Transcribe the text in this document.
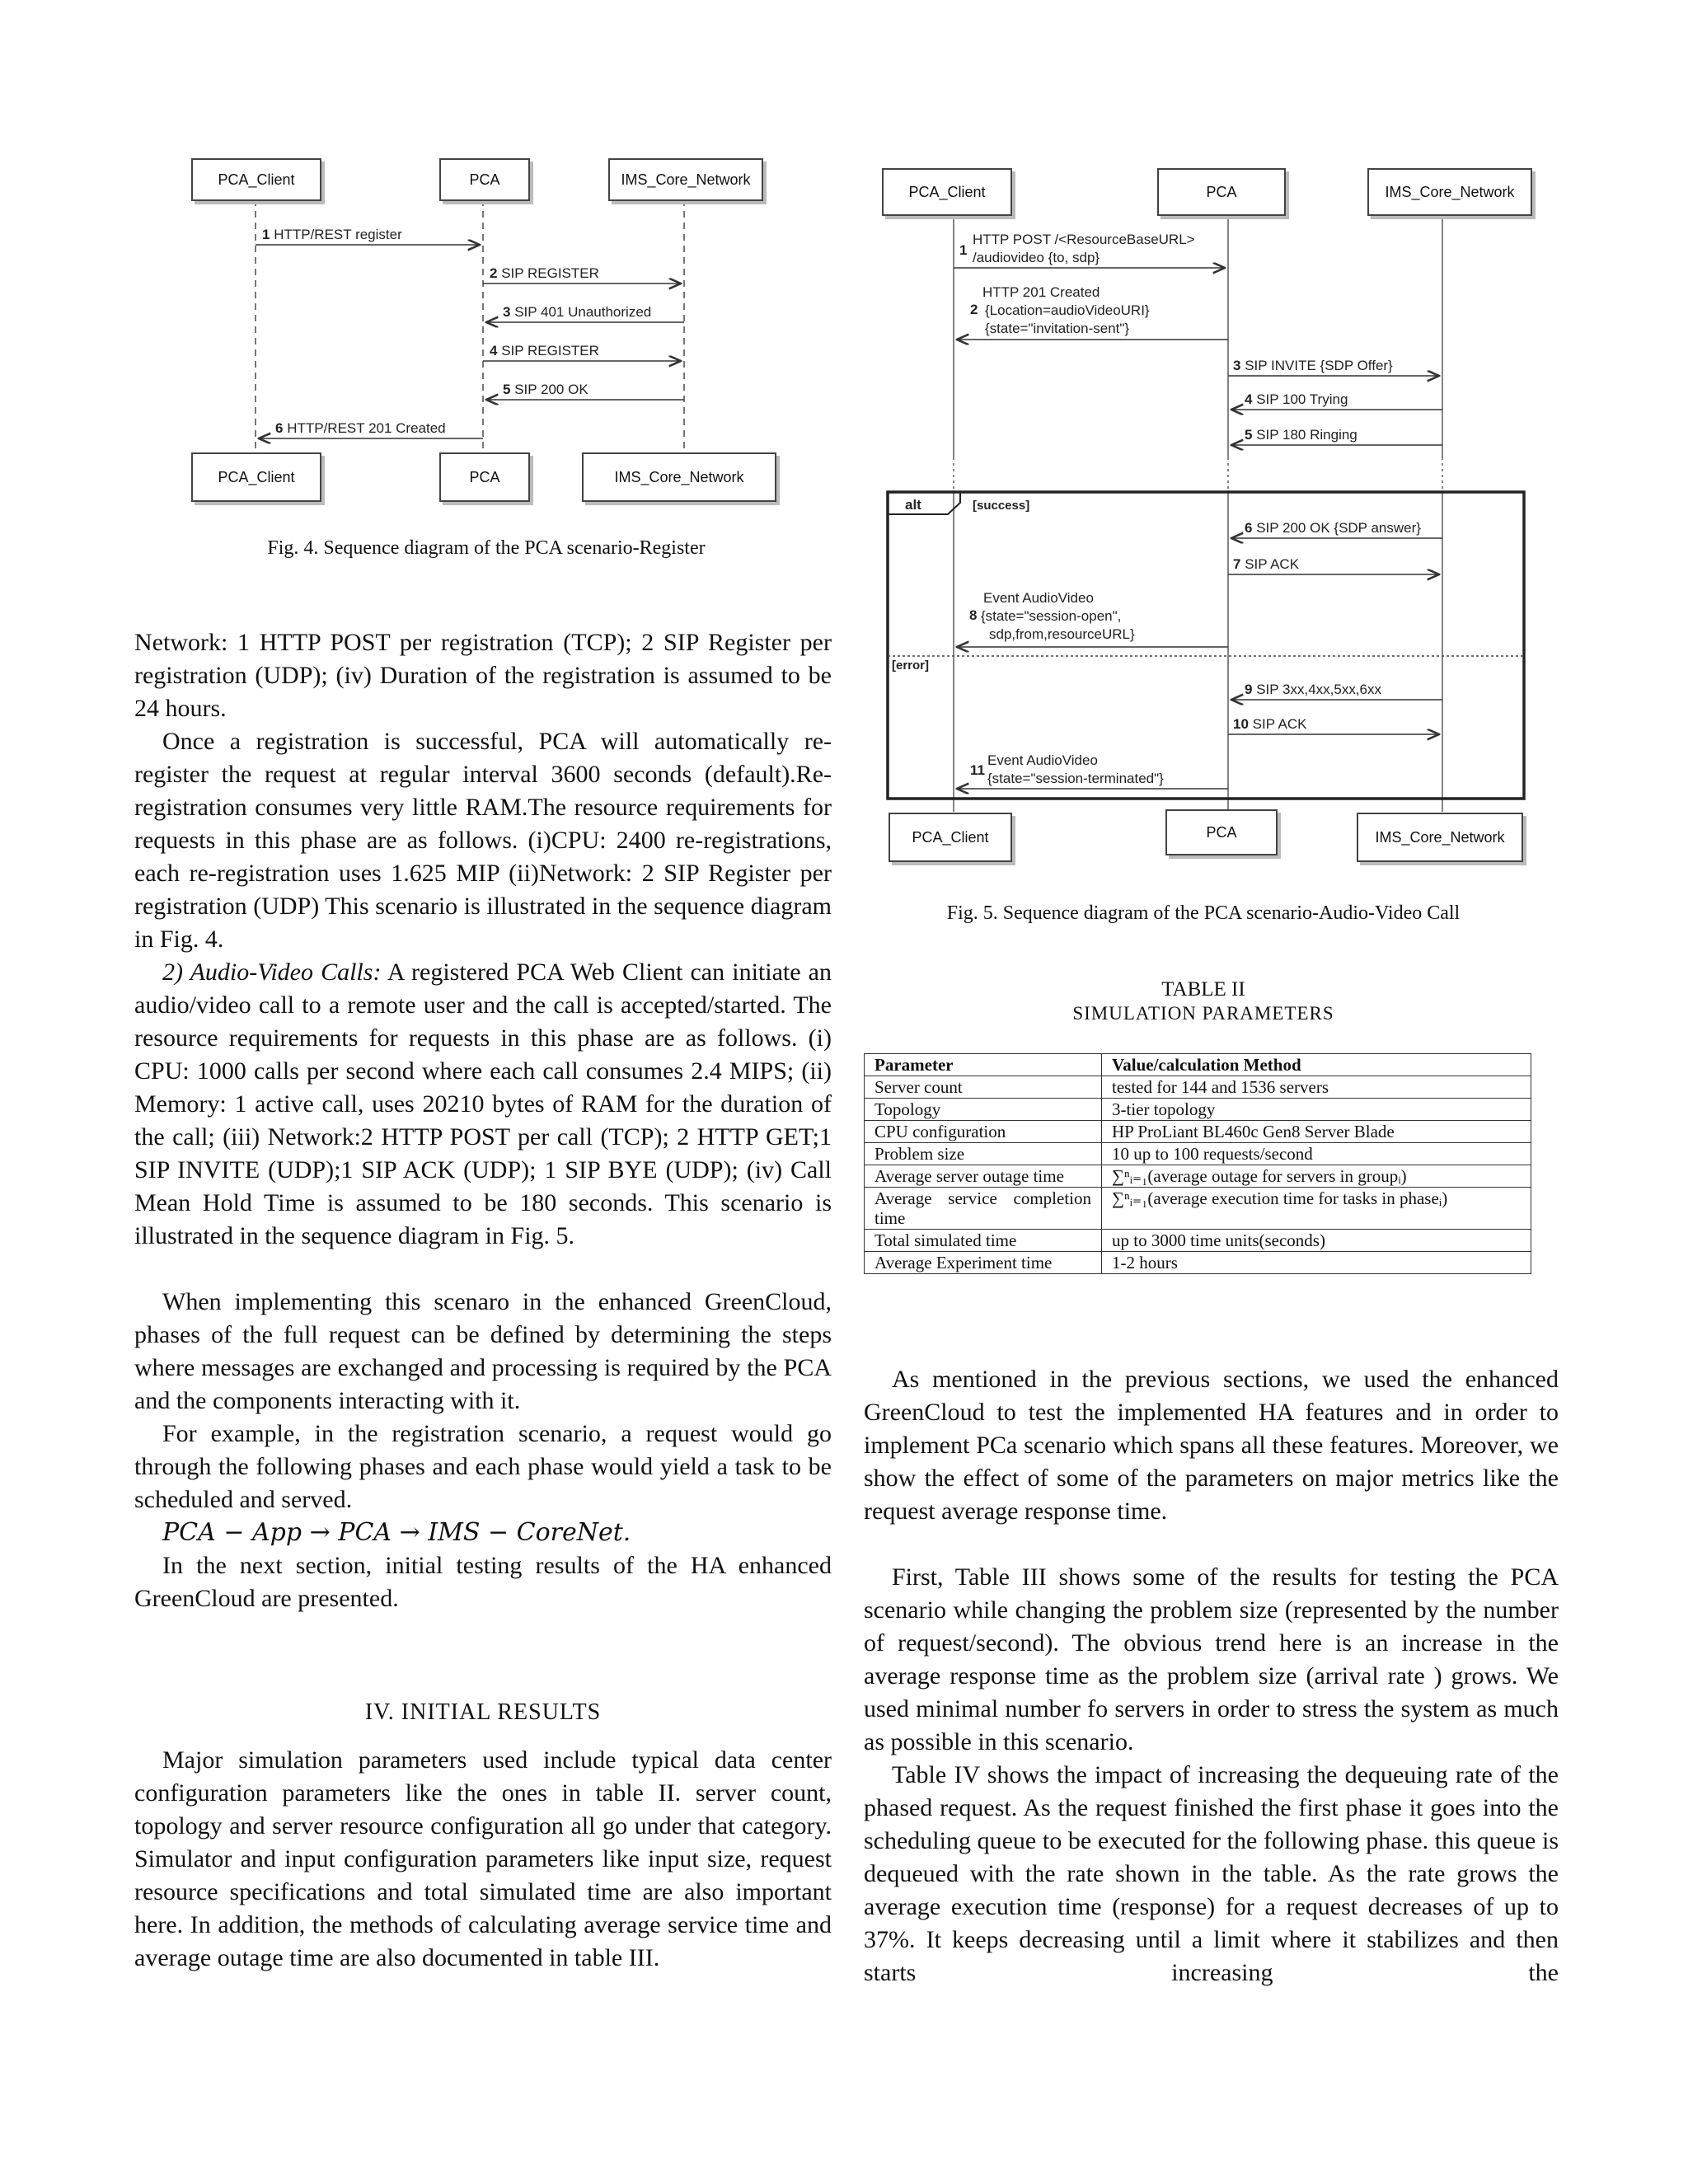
1 HTTP/REST register
2 SIP REGISTER
3 SIP 401 Unauthorized
4 SIP REGISTER
5 SIP 200 OK
6 HTTP/REST 201 Created
PCA_Client	PCA	IMS_Core_Network
PCA_Client	PCA	IMS_Core_Network
Fig. 4. Sequence diagram of the PCA scenario-Register
alt	[success]
[error]
1
HTTP POST /<ResourceBaseURL>
/audiovideo {to, sdp}
2
HTTP 201 Created
{Location=audioVideoURI}
{state="invitation-sent"}
3 SIP INVITE {SDP Offer}
4 SIP 100 Trying
5 SIP 180 Ringing
6 SIP 200 OK {SDP answer}
7 SIP ACK
8
Event AudioVideo
{state="session-open",
sdp,from,resourceURL}
9 SIP 3xx,4xx,5xx,6xx
10 SIP ACK
11
Event AudioVideo
{state="session-terminated"}
PCA_Client	PCA	IMS_Core_Network
PCA_Client	PCA	IMS_Core_Network
Fig. 5. Sequence diagram of the PCA scenario-Audio-Video Call
TABLE II
SIMULATION PARAMETERS
Parameter	Value/calculation Method
Server count	tested for 144 and 1536 servers
Topology	3-tier topology
CPU configuration	HP ProLiant BL460c Gen8 Server Blade
Problem size	10 up to 100 requests/second
Average server outage time	∑ⁿᵢ₌₁(average outage for servers in groupᵢ)
Average service completion time	∑ⁿᵢ₌₁(average execution time for tasks in phaseᵢ)
Total simulated time	up to 3000 time units(seconds)
Average Experiment time	1-2 hours

Network: 1 HTTP POST per registration (TCP); 2 SIP Register per registration (UDP); (iv) Duration of the registration is assumed to be 24 hours.

Once a registration is successful, PCA will automatically re-register the request at regular interval 3600 seconds (default).Re-registration consumes very little RAM.The resource requirements for requests in this phase are as follows. (i)CPU: 2400 re-registrations, each re-registration uses 1.625 MIP (ii)Network: 2 SIP Register per registration (UDP) This scenario is illustrated in the sequence diagram in Fig. 4.

2) Audio-Video Calls: A registered PCA Web Client can initiate an audio/video call to a remote user and the call is accepted/started. The resource requirements for requests in this phase are as follows. (i) CPU: 1000 calls per second where each call consumes 2.4 MIPS; (ii) Memory: 1 active call, uses 20210 bytes of RAM for the duration of the call; (iii) Network:2 HTTP POST per call (TCP); 2 HTTP GET;1 SIP INVITE (UDP);1 SIP ACK (UDP); 1 SIP BYE (UDP); (iv) Call Mean Hold Time is assumed to be 180 seconds. This scenario is illustrated in the sequence diagram in Fig. 5.

When implementing this scenaro in the enhanced GreenCloud, phases of the full request can be defined by determining the steps where messages are exchanged and processing is required by the PCA and the components interacting with it.

For example, in the registration scenario, a request would go through the following phases and each phase would yield a task to be scheduled and served.

PCA − App → PCA → IMS − CoreNet.

In the next section, initial testing results of the HA enhanced GreenCloud are presented.

IV. INITIAL RESULTS

Major simulation parameters used include typical data center configuration parameters like the ones in table II. server count, topology and server resource configuration all go under that category. Simulator and input configuration parameters like input size, request resource specifications and total simulated time are also important here. In addition, the methods of calculating average service time and average outage time are also documented in table III.

As mentioned in the previous sections, we used the enhanced GreenCloud to test the implemented HA features and in order to implement PCa scenario which spans all these features. Moreover, we show the effect of some of the parameters on major metrics like the request average response time.

First, Table III shows some of the results for testing the PCA scenario while changing the problem size (represented by the number of request/second). The obvious trend here is an increase in the average response time as the problem size (arrival rate ) grows. We used minimal number fo servers in order to stress the system as much as possible in this scenario.

Table IV shows the impact of increasing the dequeuing rate of the phased request. As the request finished the first phase it goes into the scheduling queue to be executed for the following phase. this queue is dequeued with the rate shown in the table. As the rate grows the average execution time (response) for a request decreases of up to 37%. It keeps decreasing until a limit where it stabilizes and then starts increasing the
